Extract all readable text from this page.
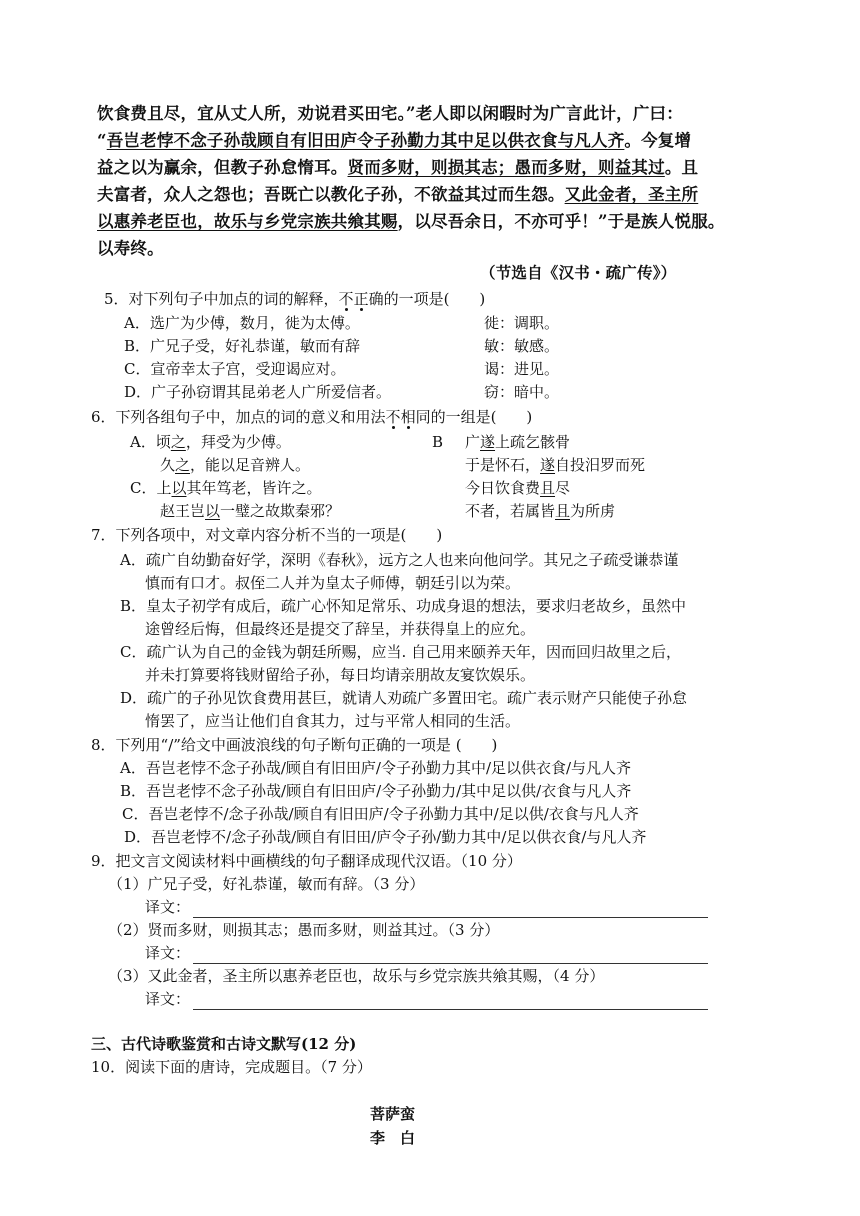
饮食费且尽，宜从丈人所，劝说君买田宅。”老人即以闲暇时为广言此计，广曰：
“吾岂老悖不念子孙哉顾自有旧田庐令子孙勤力其中足以供衣食与凡人齐。今复增
益之以为赢余，但教子孙怠惰耳。贤而多财，则损其志；愚而多财，则益其过。且
夫富者，众人之怨也；吾既亡以教化子孙，不欲益其过而生怨。又此金者，圣主所
以惠养老臣也，故乐与乡党宗族共飨其赐，以尽吾余日，不亦可乎！”于是族人悦服。
以寿终。
（节选自《汉书・疏广传》）
5．对下列句子中加点的词的解释，不正确的一项是(　　)
A．选广为少傅，数月，徙为太傅。	徙：调职。
B．广兄子受，好礼恭谨，敏而有辞	敏：敏感。
C．宣帝幸太子宫，受迎谒应对。	谒：进见。
D．广子孙窃谓其昆弟老人广所爱信者。	窃：暗中。
6．下列各组句子中，加点的词的意义和用法不相同的一组是(　　)
A．顷之，拜受为少傅。	B 广遂上疏乞骸骨
久之，能以足音辨人。	于是怀石，遂自投汨罗而死
C．上以其年笃老，皆许之。	今日饮食费且尽
赵王岂以一璧之故欺秦邪？	不者，若属皆且为所虏
7．下列各项中，对文章内容分析不当的一项是(　　)
A．疏广自幼勤奋好学，深明《春秋》，远方之人也来向他问学。其兄之子疏受谦恭谨
慎而有口才。叔侄二人并为皇太子师傅，朝廷引以为荣。
B．皇太子初学有成后，疏广心怀知足常乐、功成身退的想法，要求归老故乡，虽然中
途曾经后悔，但最终还是提交了辞呈，并获得皇上的应允。
C．疏广认为自己的金钱为朝廷所赐，应当. 自己用来颐养天年，因而回归故里之后，
并未打算要将钱财留给子孙，每日均请亲朋故友宴饮娱乐。
D．疏广的子孙见饮食费用甚巨，就请人劝疏广多置田宅。疏广表示财产只能使子孙怠
惰罢了，应当让他们自食其力，过与平常人相同的生活。
8．下列用“/”给文中画波浪线的句子断句正确的一项是 (　　)
A．吾岂老悖不念子孙哉/顾自有旧田庐/令子孙勤力其中/足以供衣食/与凡人齐
B．吾岂老悖不念子孙哉/顾自有旧田庐/令子孙勤力/其中足以供/衣食与凡人齐
C．吾岂老悖不/念子孙哉/顾自有旧田庐/令子孙勤力其中/足以供/衣食与凡人齐
D．吾岂老悖不/念子孙哉/顾自有旧田/庐令子孙/勤力其中/足以供衣食/与凡人齐
9．把文言文阅读材料中画横线的句子翻译成现代汉语。（10 分）
（1）广兄子受，好礼恭谨，敏而有辞。（3 分）
译文：
（2）贤而多财，则损其志；愚而多财，则益其过。（3 分）
译文：
（3）又此金者，圣主所以惠养老臣也，故乐与乡党宗族共飨其赐，（4 分）
译文：
三、古代诗歌鉴赏和古诗文默写(12 分)
10．阅读下面的唐诗，完成题目。（7 分）
菩萨蛮
李　白
